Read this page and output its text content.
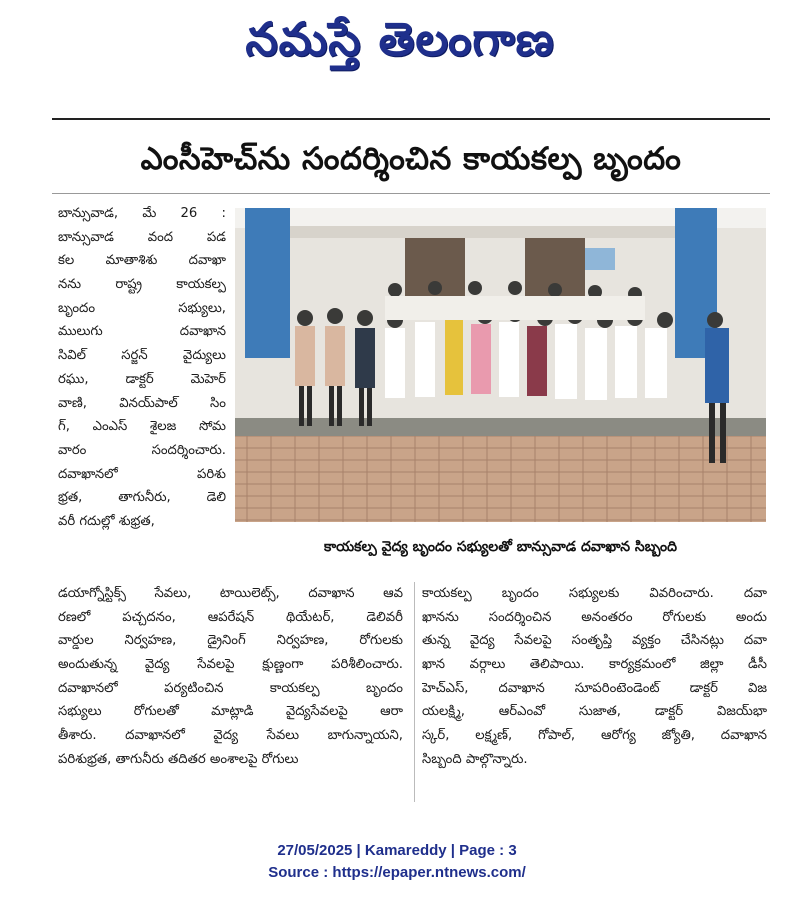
నమస్తే తెలంగాణ
ఎంసీహెచ్‌ను సందర్శించిన కాయకల్ప బృందం
బాన్సువాడ, మే 26 :
బాన్సువాడ వంద పడ
కల మాతాశిశు దవాఖా
నను రాష్ట్ర కాయకల్ప
బృందం సభ్యులు,
ములుగు దవాఖాన
సివిల్ సర్జన్ వైద్యులు
రఘు, డాక్టర్ మెహెర్
వాణి, వినయ్‌పాల్ సిం
గ్, ఎంఎస్ శైలజ సోమ
వారం సందర్శించారు.
దవాఖానలో పరిశు
భ్రత, తాగునీరు, డెలి
వరీ గదుల్లో శుభ్రత,
కాయకల్ప వైద్య బృందం సభ్యులతో బాన్సువాడ దవాఖాన సిబ్బంది
డయాగ్నోస్టిక్స్ సేవలు, టాయిలెట్స్, దవాఖాన ఆవ
రణలో పచ్చదనం, ఆపరేషన్ థియేటర్, డెలివరీ
వార్డుల నిర్వహణ, డ్రైనింగ్ నిర్వహణ, రోగులకు
అందుతున్న వైద్య సేవలపై క్షుణ్ణంగా పరిశీలించారు.
దవాఖానలో పర్యటించిన కాయకల్ప బృందం
సభ్యులు రోగులతో మాట్లాడి వైద్యసేవలపై ఆరా
తీశారు. దవాఖానలో వైద్య సేవలు బాగున్నాయని,
పరిశుభ్రత, తాగునీరు తదితర అంశాలపై రోగులు
కాయకల్ప బృందం సభ్యులకు వివరించారు. దవా
ఖానను సందర్శించిన అనంతరం రోగులకు అందు
తున్న వైద్య సేవలపై సంతృప్తి వ్యక్తం చేసినట్లు దవా
ఖాన వర్గాలు తెలిపాయి. కార్యక్రమంలో జిల్లా డీసీ
హెచ్‌ఎస్, దవాఖాన సూపరింటెండెంట్ డాక్టర్ విజ
యలక్ష్మి, ఆర్‌ఎంవో సుజాత, డాక్టర్ విజయ్‌భా
స్కర్, లక్ష్మణ్, గోపాల్, ఆరోగ్య జ్యోతి, దవాఖాన
సిబ్బంది పాల్గొన్నారు.
27/05/2025 | Kamareddy | Page : 3
Source : https://epaper.ntnews.com/
